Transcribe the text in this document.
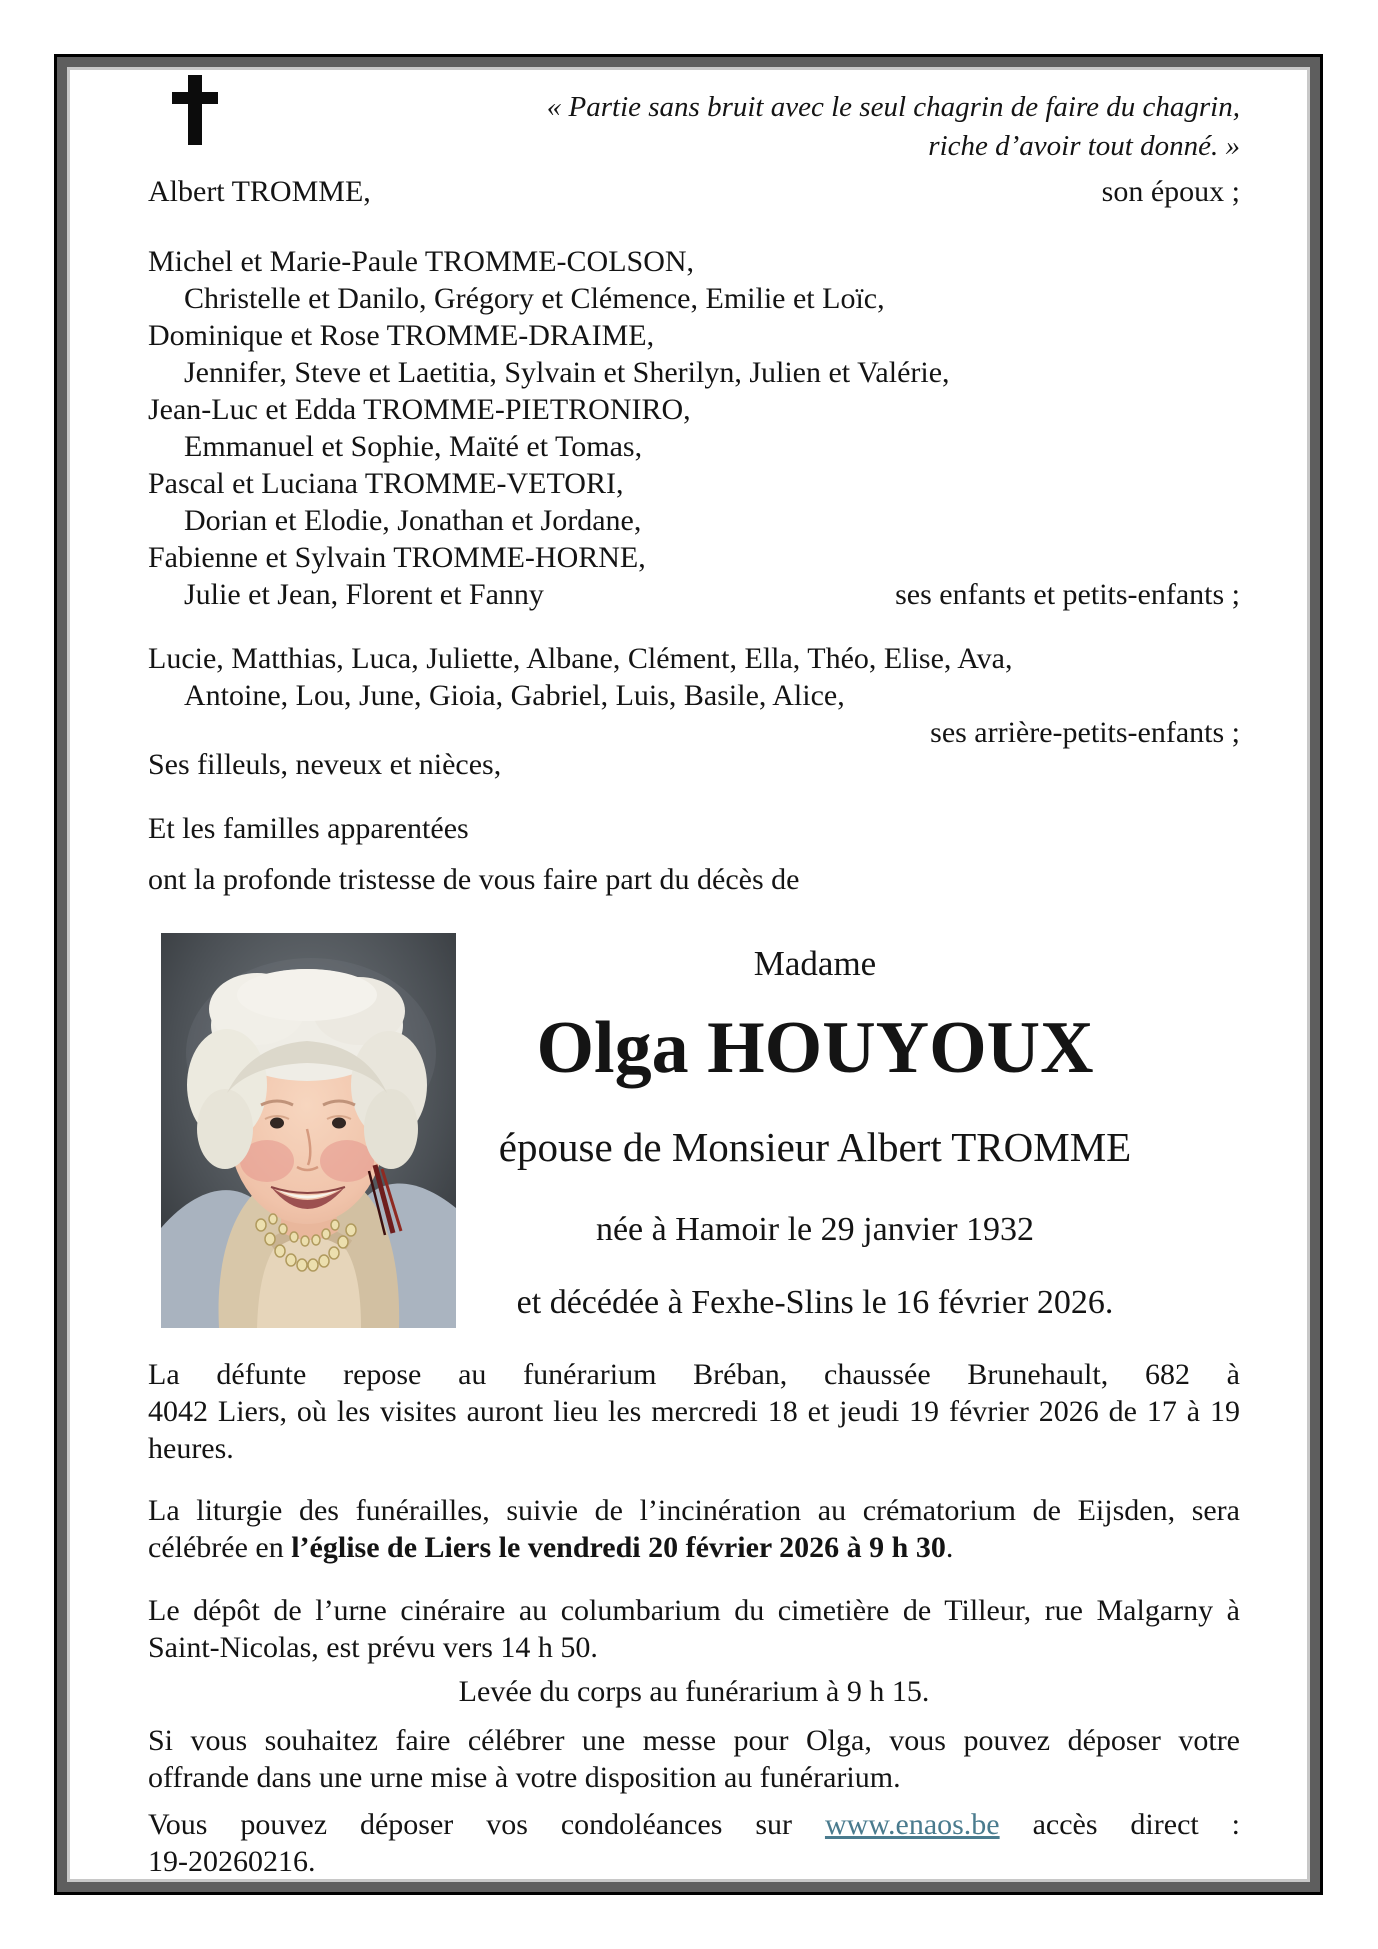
« Partie sans bruit avec le seul chagrin de faire du chagrin,
riche d’avoir tout donné. »
Albert TROMME,	son époux ;
Michel et Marie-Paule TROMME-COLSON,
Christelle et Danilo, Grégory et Clémence, Emilie et Loïc,
Dominique et Rose TROMME-DRAIME,
Jennifer, Steve et Laetitia, Sylvain et Sherilyn, Julien et Valérie,
Jean-Luc et Edda TROMME-PIETRONIRO,
Emmanuel et Sophie, Maïté et Tomas,
Pascal et Luciana TROMME-VETORI,
Dorian et Elodie, Jonathan et Jordane,
Fabienne et Sylvain TROMME-HORNE,
Julie et Jean, Florent et Fanny	ses enfants et petits-enfants ;
Lucie, Matthias, Luca, Juliette, Albane, Clément, Ella, Théo, Elise, Ava,
Antoine, Lou, June, Gioia, Gabriel, Luis, Basile, Alice,
ses arrière-petits-enfants ;
Ses filleuls, neveux et nièces,
Et les familles apparentées
ont la profonde tristesse de vous faire part du décès de
Madame
Olga HOUYOUX
épouse de Monsieur Albert TROMME
née à Hamoir le 29 janvier 1932
et décédée à Fexhe-Slins le 16 février 2026.
La défunte repose au funérarium Bréban, chaussée Brunehault, 682 à
4042 Liers, où les visites auront lieu les mercredi 18 et jeudi 19 février 2026 de 17 à 19
heures.
La liturgie des funérailles, suivie de l’incinération au crématorium de Eijsden, sera
célébrée en l’église de Liers le vendredi 20 février 2026 à 9 h 30.
Le dépôt de l’urne cinéraire au columbarium du cimetière de Tilleur, rue Malgarny à
Saint-Nicolas, est prévu vers 14 h 50.
Levée du corps au funérarium à 9 h 15.
Si vous souhaitez faire célébrer une messe pour Olga, vous pouvez déposer votre
offrande dans une urne mise à votre disposition au funérarium.
Vous pouvez déposer vos condoléances sur www.enaos.be accès direct :
19-20260216.
